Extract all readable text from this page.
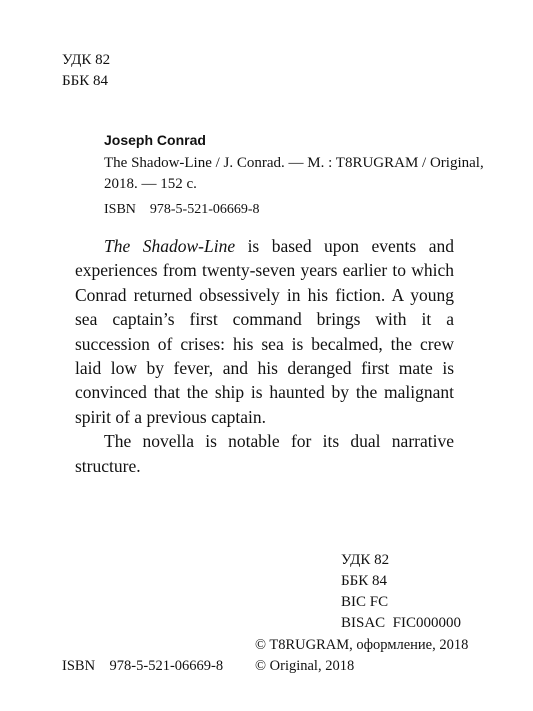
УДК 82
ББК 84
Joseph Conrad
The Shadow-Line / J. Conrad. — M. : T8RUGRAM / Original,
2018. — 152 с.
ISBN    978-5-521-06669-8

The Shadow-Line is based upon events and experiences from twenty-seven years earlier to which Conrad returned obsessively in his fiction. A young sea captain’s first command brings with it a succession of crises: his sea is becalmed, the crew laid low by fever, and his deranged first mate is convinced that the ship is haunted by the malignant spirit of a previous captain.

The novella is notable for its dual narrative structure.

УДК 82
ББК 84
BIC FC
BISAC  FIC000000
© T8RUGRAM, оформление, 2018
© Original, 2018
ISBN    978-5-521-06669-8
